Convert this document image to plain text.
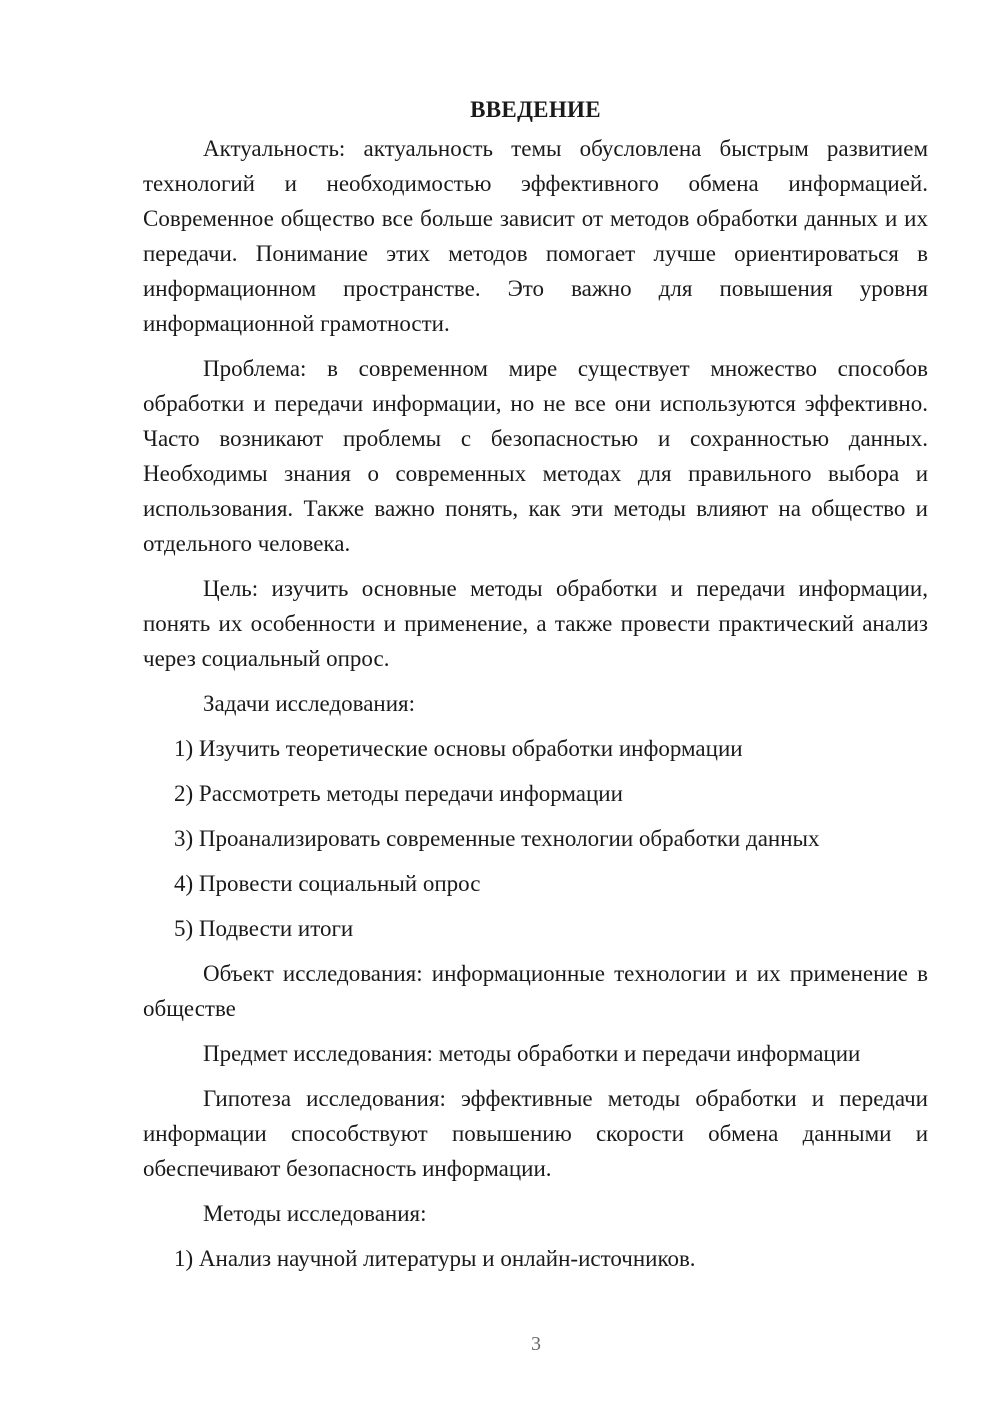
ВВЕДЕНИЕ

Актуальность: актуальность темы обусловлена быстрым развитием технологий и необходимостью эффективного обмена информацией. Современное общество все больше зависит от методов обработки данных и их передачи. Понимание этих методов помогает лучше ориентироваться в информационном пространстве. Это важно для повышения уровня информационной грамотности.

Проблема: в современном мире существует множество способов обработки и передачи информации, но не все они используются эффективно. Часто возникают проблемы с безопасностью и сохранностью данных. Необходимы знания о современных методах для правильного выбора и использования. Также важно понять, как эти методы влияют на общество и отдельного человека.

Цель: изучить основные методы обработки и передачи информации, понять их особенности и применение, а также провести практический анализ через социальный опрос.

Задачи исследования:
1) Изучить теоретические основы обработки информации
2) Рассмотреть методы передачи информации
3) Проанализировать современные технологии обработки данных
4) Провести социальный опрос
5) Подвести итоги

Объект исследования: информационные технологии и их применение в обществе

Предмет исследования: методы обработки и передачи информации

Гипотеза исследования: эффективные методы обработки и передачи информации способствуют повышению скорости обмена данными и обеспечивают безопасность информации.

Методы исследования:
1) Анализ научной литературы и онлайн-источников.
3
